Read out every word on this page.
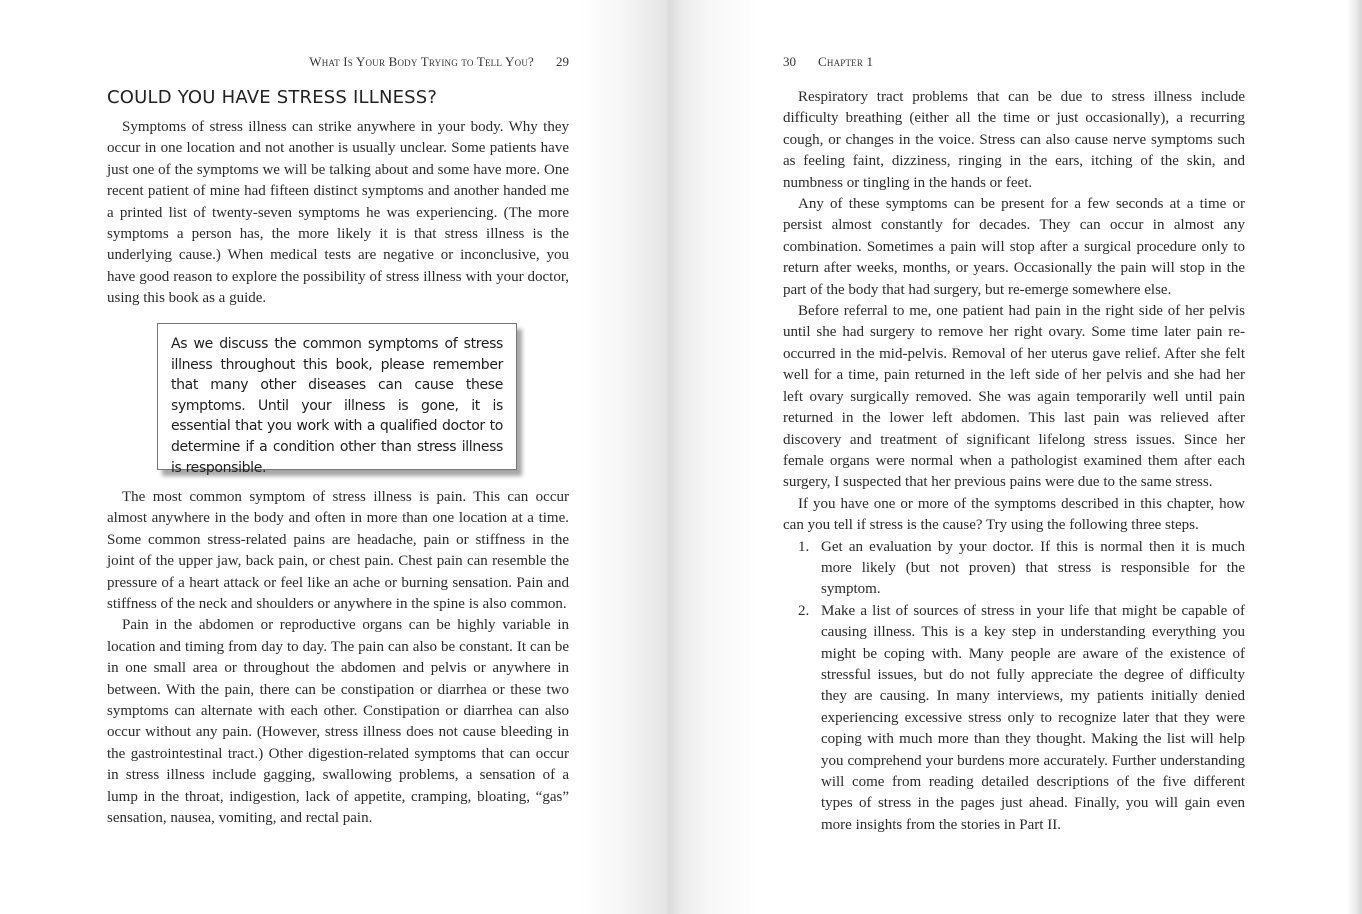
What Is Your Body Trying to Tell You? 29
COULD YOU HAVE STRESS ILLNESS?

Symptoms of stress illness can strike anywhere in your body. Why they occur in one location and not another is usually unclear. Some patients have just one of the symptoms we will be talking about and some have more. One recent patient of mine had fifteen distinct symptoms and another handed me a printed list of twenty-seven symptoms he was experiencing. (The more symptoms a person has, the more likely it is that stress illness is the underlying cause.) When medical tests are negative or inconclusive, you have good reason to explore the possibility of stress illness with your doctor, using this book as a guide.

As we discuss the common symptoms of stress illness throughout this book, please remember that many other diseases can cause these symptoms. Until your illness is gone, it is essential that you work with a qualified doctor to determine if a condition other than stress illness is responsible.

The most common symptom of stress illness is pain. This can occur almost anywhere in the body and often in more than one location at a time. Some common stress-related pains are headache, pain or stiffness in the joint of the upper jaw, back pain, or chest pain. Chest pain can resemble the pressure of a heart attack or feel like an ache or burning sensation. Pain and stiffness of the neck and shoulders or anywhere in the spine is also common.

Pain in the abdomen or reproductive organs can be highly variable in location and timing from day to day. The pain can also be constant. It can be in one small area or throughout the abdomen and pelvis or anywhere in between. With the pain, there can be constipation or diarrhea or these two symptoms can alternate with each other. Constipation or diarrhea can also occur without any pain. (However, stress illness does not cause bleeding in the gastrointestinal tract.) Other digestion-related symptoms that can occur in stress illness include gagging, swallowing problems, a sensation of a lump in the throat, indigestion, lack of appetite, cramping, bloating, “gas” sensation, nausea, vomiting, and rectal pain.

30 Chapter 1

Respiratory tract problems that can be due to stress illness include difficulty breathing (either all the time or just occasionally), a recurring cough, or changes in the voice. Stress can also cause nerve symptoms such as feeling faint, dizziness, ringing in the ears, itching of the skin, and numbness or tingling in the hands or feet.

Any of these symptoms can be present for a few seconds at a time or persist almost constantly for decades. They can occur in almost any combination. Sometimes a pain will stop after a surgical procedure only to return after weeks, months, or years. Occasionally the pain will stop in the part of the body that had surgery, but re-emerge somewhere else.

Before referral to me, one patient had pain in the right side of her pelvis until she had surgery to remove her right ovary. Some time later pain re-occurred in the mid-pelvis. Removal of her uterus gave relief. After she felt well for a time, pain returned in the left side of her pelvis and she had her left ovary surgically removed. She was again temporarily well until pain returned in the lower left abdomen. This last pain was relieved after discovery and treatment of significant lifelong stress issues. Since her female organs were normal when a pathologist examined them after each surgery, I suspected that her previous pains were due to the same stress.

If you have one or more of the symptoms described in this chapter, how can you tell if stress is the cause? Try using the following three steps.

1. Get an evaluation by your doctor. If this is normal then it is much more likely (but not proven) that stress is responsible for the symptom.
2. Make a list of sources of stress in your life that might be capable of causing illness. This is a key step in understanding everything you might be coping with. Many people are aware of the existence of stressful issues, but do not fully appreciate the degree of difficulty they are causing. In many interviews, my patients initially denied experiencing excessive stress only to recognize later that they were coping with much more than they thought. Making the list will help you comprehend your burdens more accurately. Further understanding will come from reading detailed descriptions of the five different types of stress in the pages just ahead. Finally, you will gain even more insights from the stories in Part II.
